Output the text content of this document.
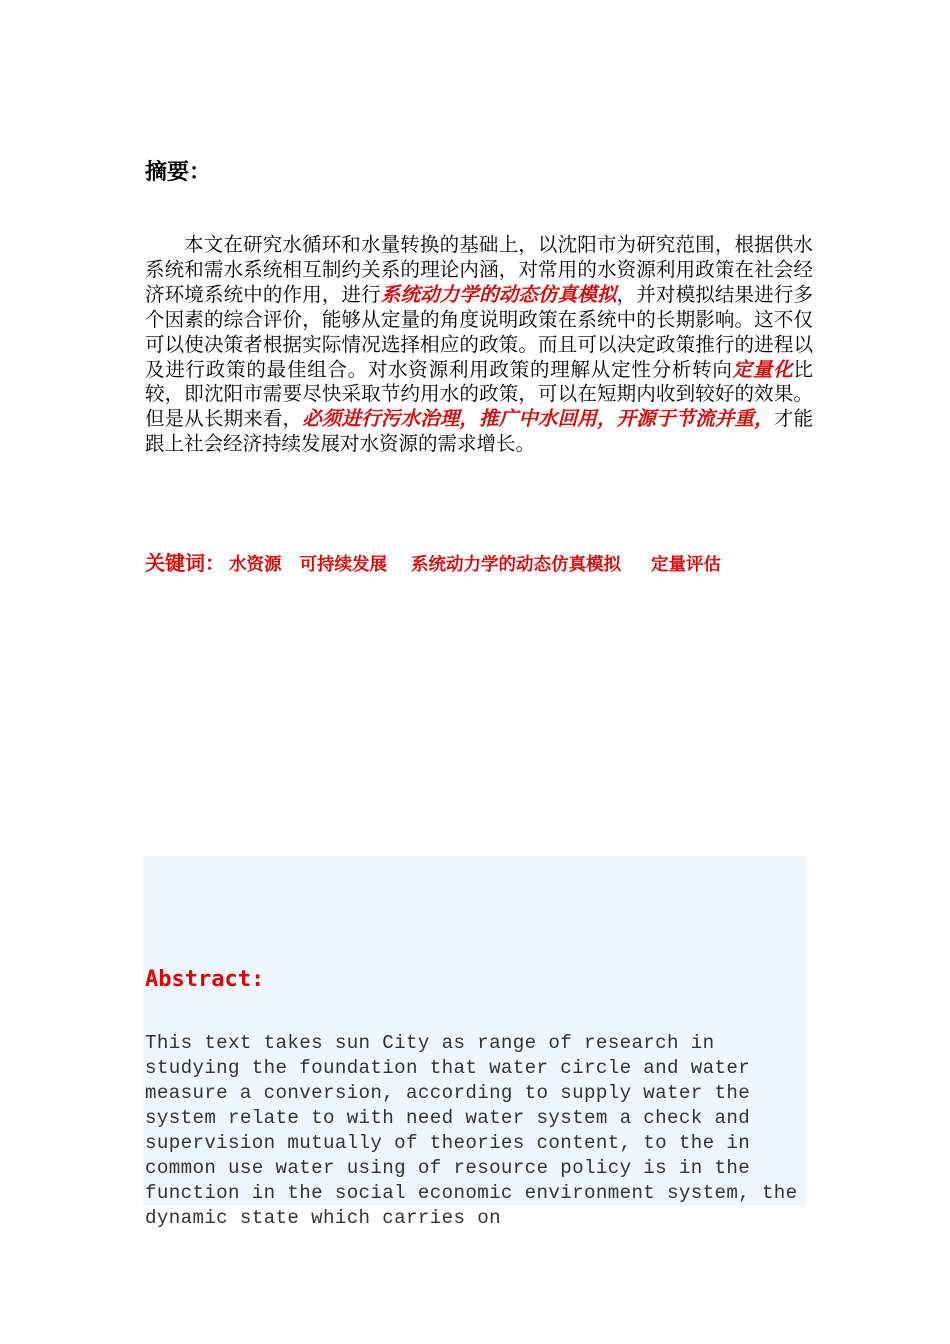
摘要：

本文在研究水循环和水量转换的基础上，以沈阳市为研究范围，根据供水系统和需水系统相互制约关系的理论内涵，对常用的水资源利用政策在社会经济环境系统中的作用，进行系统动力学的动态仿真模拟，并对模拟结果进行多个因素的综合评价，能够从定量的角度说明政策在系统中的长期影响。这不仅可以使决策者根据实际情况选择相应的政策。而且可以决定政策推行的进程以及进行政策的最佳组合。对水资源利用政策的理解从定性分析转向定量化比较，即沈阳市需要尽快采取节约用水的政策，可以在短期内收到较好的效果。但是从长期来看，必须进行污水治理，推广中水回用，开源于节流并重，才能跟上社会经济持续发展对水资源的需求增长。

关键词： 水资源 可持续发展 系统动力学的动态仿真模拟 定量评估

Abstract:

This text takes sun City as range of research in studying the foundation that water circle and water measure a conversion, according to supply water the system relate to with need water system a check and supervision mutually of theories content, to the in common use water using of resource policy is in the function in the social economic environment system, the dynamic state which carries on
